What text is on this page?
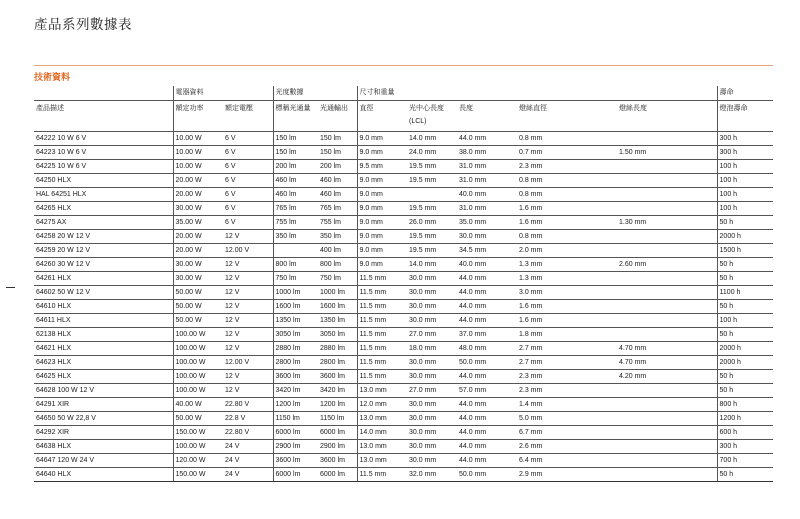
產品系列數據表
技術資料
	電器資料		光度數據		尺寸和重量					壽命
產品描述	額定功率	額定電壓	標稱光通量	光通輸出	直徑	光中心長度 (LCL)	長度	燈絲直徑	燈絲長度	燈泡壽命
64222 10 W 6 V	10.00 W	6 V	150 lm	150 lm	9.0 mm	14.0 mm	44.0 mm	0.8 mm		300 h
64223 10 W 6 V	10.00 W	6 V	150 lm	150 lm	9.0 mm	24.0 mm	38.0 mm	0.7 mm	1.50 mm	300 h
64225 10 W 6 V	10.00 W	6 V	200 lm	200 lm	9.5 mm	19.5 mm	31.0 mm	2.3 mm		100 h
64250 HLX	20.00 W	6 V	460 lm	460 lm	9.0 mm	19.5 mm	31.0 mm	0.8 mm		100 h
HAL 64251 HLX	20.00 W	6 V	460 lm	460 lm	9.0 mm		40.0 mm	0.8 mm		100 h
64265 HLX	30.00 W	6 V	765 lm	765 lm	9.0 mm	19.5 mm	31.0 mm	1.6 mm		100 h
64275 AX	35.00 W	6 V	755 lm	755 lm	9.0 mm	26.0 mm	35.0 mm	1.6 mm	1.30 mm	50 h
64258 20 W 12 V	20.00 W	12 V	350 lm	350 lm	9.0 mm	19.5 mm	30.0 mm	0.8 mm		2000 h
64259 20 W 12 V	20.00 W	12.00 V		400 lm	9.0 mm	19.5 mm	34.5 mm	2.0 mm		1500 h
64260 30 W 12 V	30.00 W	12 V	800 lm	800 lm	9.0 mm	14.0 mm	40.0 mm	1.3 mm	2.60 mm	50 h
64261 HLX	30.00 W	12 V	750 lm	750 lm	11.5 mm	30.0 mm	44.0 mm	1.3 mm		50 h
64602 50 W 12 V	50.00 W	12 V	1000 lm	1000 lm	11.5 mm	30.0 mm	44.0 mm	3.0 mm		1100 h
64610 HLX	50.00 W	12 V	1600 lm	1600 lm	11.5 mm	30.0 mm	44.0 mm	1.6 mm		50 h
64611 HLX	50.00 W	12 V	1350 lm	1350 lm	11.5 mm	30.0 mm	44.0 mm	1.6 mm		100 h
62138 HLX	100.00 W	12 V	3050 lm	3050 lm	11.5 mm	27.0 mm	37.0 mm	1.8 mm		50 h
64621 HLX	100.00 W	12 V	2880 lm	2880 lm	11.5 mm	18.0 mm	48.0 mm	2.7 mm	4.70 mm	2000 h
64623 HLX	100.00 W	12.00 V	2800 lm	2800 lm	11.5 mm	30.0 mm	50.0 mm	2.7 mm	4.70 mm	2000 h
64625 HLX	100.00 W	12 V	3600 lm	3600 lm	11.5 mm	30.0 mm	44.0 mm	2.3 mm	4.20 mm	50 h
64628 100 W 12 V	100.00 W	12 V	3420 lm	3420 lm	13.0 mm	27.0 mm	57.0 mm	2.3 mm		50 h
64291 XIR	40.00 W	22.80 V	1200 lm	1200 lm	12.0 mm	30.0 mm	44.0 mm	1.4 mm		800 h
64650 50 W 22,8 V	50.00 W	22.8 V	1150 lm	1150 lm	13.0 mm	30.0 mm	44.0 mm	5.0 mm		1200 h
64292 XIR	150.00 W	22.80 V	6000 lm	6000 lm	14.0 mm	30.0 mm	44.0 mm	6.7 mm		600 h
64638 HLX	100.00 W	24 V	2900 lm	2900 lm	13.0 mm	30.0 mm	44.0 mm	2.6 mm		300 h
64647 120 W 24 V	120.00 W	24 V	3600 lm	3600 lm	13.0 mm	30.0 mm	44.0 mm	6.4 mm		700 h
64640 HLX	150.00 W	24 V	6000 lm	6000 lm	11.5 mm	32.0 mm	50.0 mm	2.9 mm		50 h
